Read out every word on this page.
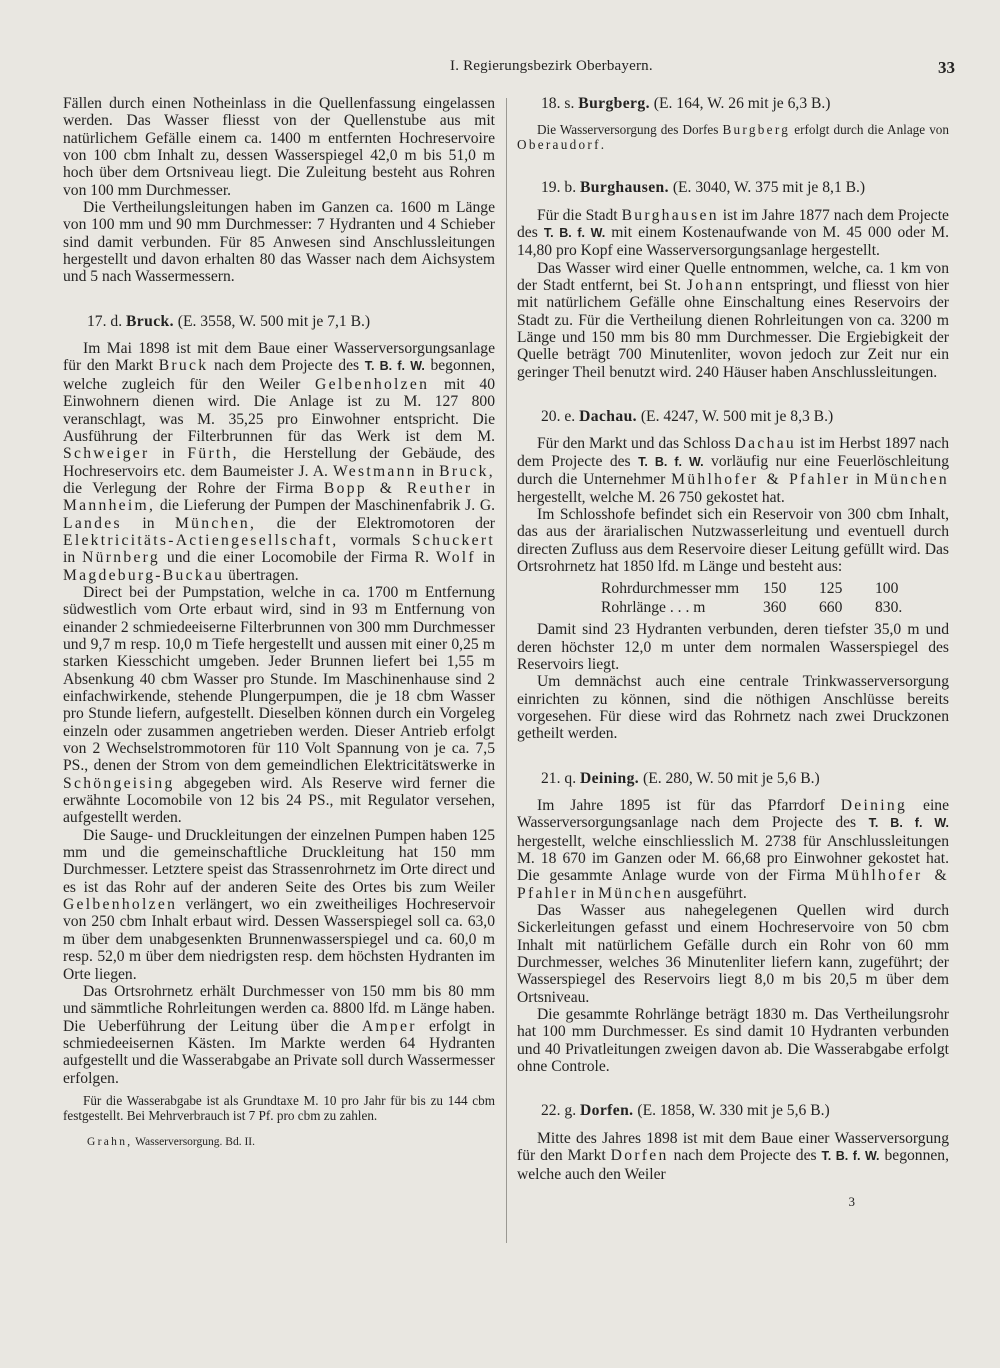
I. Regierungsbezirk Oberbayern.	33

Fällen durch einen Notheinlass in die Quellenfassung eingelassen werden. Das Wasser fliesst von der Quellenstube aus mit natürlichem Gefälle einem ca. 1400 m entfernten Hochreservoire von 100 cbm Inhalt zu, dessen Wasserspiegel 42,0 m bis 51,0 m hoch über dem Ortsniveau liegt. Die Zuleitung besteht aus Rohren von 100 mm Durchmesser.

Die Vertheilungsleitungen haben im Ganzen ca. 1600 m Länge von 100 mm und 90 mm Durchmesser: 7 Hydranten und 4 Schieber sind damit verbunden. Für 85 Anwesen sind Anschlussleitungen hergestellt und davon erhalten 80 das Wasser nach dem Aichsystem und 5 nach Wassermessern.

17. d. Bruck. (E. 3558, W. 500 mit je 7,1 B.)

Im Mai 1898 ist mit dem Baue einer Wasserversorgungsanlage für den Markt Bruck nach dem Projecte des T. B. f. W. begonnen, welche zugleich für den Weiler Gelbenholzen mit 40 Einwohnern dienen wird. Die Anlage ist zu M. 127 800 veranschlagt, was M. 35,25 pro Einwohner entspricht. Die Ausführung der Filterbrunnen für das Werk ist dem M. Schweiger in Fürth, die Herstellung der Gebäude, des Hochreservoirs etc. dem Baumeister J. A. Westmann in Bruck, die Verlegung der Rohre der Firma Bopp & Reuther in Mannheim, die Lieferung der Pumpen der Maschinenfabrik J. G. Landes in München, die der Elektromotoren der Elektricitäts-Actiengesellschaft, vormals Schuckert in Nürnberg und die einer Locomobile der Firma R. Wolf in Magdeburg-Buckau übertragen.

Direct bei der Pumpstation, welche in ca. 1700 m Entfernung südwestlich vom Orte erbaut wird, sind in 93 m Entfernung von einander 2 schmiedeeiserne Filterbrunnen von 300 mm Durchmesser und 9,7 m resp. 10,0 m Tiefe hergestellt und aussen mit einer 0,25 m starken Kiesschicht umgeben. Jeder Brunnen liefert bei 1,55 m Absenkung 40 cbm Wasser pro Stunde. Im Maschinenhause sind 2 einfachwirkende, stehende Plungerpumpen, die je 18 cbm Wasser pro Stunde liefern, aufgestellt. Dieselben können durch ein Vorgeleg einzeln oder zusammen angetrieben werden. Dieser Antrieb erfolgt von 2 Wechselstrommotoren für 110 Volt Spannung von je ca. 7,5 PS., denen der Strom von dem gemeindlichen Elektricitätswerke in Schöngeising abgegeben wird. Als Reserve wird ferner die erwähnte Locomobile von 12 bis 24 PS., mit Regulator versehen, aufgestellt werden.

Die Sauge- und Druckleitungen der einzelnen Pumpen haben 125 mm und die gemeinschaftliche Druckleitung hat 150 mm Durchmesser. Letztere speist das Strassenrohrnetz im Orte direct und es ist das Rohr auf der anderen Seite des Ortes bis zum Weiler Gelbenholzen verlängert, wo ein zweitheiliges Hochreservoir von 250 cbm Inhalt erbaut wird. Dessen Wasserspiegel soll ca. 63,0 m über dem unabgesenkten Brunnenwasserspiegel und ca. 60,0 m resp. 52,0 m über dem niedrigsten resp. dem höchsten Hydranten im Orte liegen.

Das Ortsrohrnetz erhält Durchmesser von 150 mm bis 80 mm und sämmtliche Rohrleitungen werden ca. 8800 lfd. m Länge haben. Die Ueberführung der Leitung über die Amper erfolgt in schmiedeeisernen Kästen. Im Markte werden 64 Hydranten aufgestellt und die Wasserabgabe an Private soll durch Wassermesser erfolgen.

Für die Wasserabgabe ist als Grundtaxe M. 10 pro Jahr für bis zu 144 cbm festgestellt. Bei Mehrverbrauch ist 7 Pf. pro cbm zu zahlen.

Grahn, Wasserversorgung. Bd. II.

18. s. Burgberg. (E. 164, W. 26 mit je 6,3 B.)

Die Wasserversorgung des Dorfes Burgberg erfolgt durch die Anlage von Oberaudorf.

19. b. Burghausen. (E. 3040, W. 375 mit je 8,1 B.)

Für die Stadt Burghausen ist im Jahre 1877 nach dem Projecte des T. B. f. W. mit einem Kostenaufwande von M. 45 000 oder M. 14,80 pro Kopf eine Wasserversorgungsanlage hergestellt.

Das Wasser wird einer Quelle entnommen, welche, ca. 1 km von der Stadt entfernt, bei St. Johann entspringt, und fliesst von hier mit natürlichem Gefälle ohne Einschaltung eines Reservoirs der Stadt zu. Für die Vertheilung dienen Rohrleitungen von ca. 3200 m Länge und 150 mm bis 80 mm Durchmesser. Die Ergiebigkeit der Quelle beträgt 700 Minutenliter, wovon jedoch zur Zeit nur ein geringer Theil benutzt wird. 240 Häuser haben Anschlussleitungen.

20. e. Dachau. (E. 4247, W. 500 mit je 8,3 B.)

Für den Markt und das Schloss Dachau ist im Herbst 1897 nach dem Projecte des T. B. f. W. vorläufig nur eine Feuerlöschleitung durch die Unternehmer Mühlhofer & Pfahler in München hergestellt, welche M. 26 750 gekostet hat.

Im Schlosshofe befindet sich ein Reservoir von 300 cbm Inhalt, das aus der ärarialischen Nutzwasserleitung und eventuell durch directen Zufluss aus dem Reservoire dieser Leitung gefüllt wird. Das Ortsrohrnetz hat 1850 lfd. m Länge und besteht aus:

Rohrdurchmesser mm	150	125	100
Rohrlänge . . . m	360	660	830.

Damit sind 23 Hydranten verbunden, deren tiefster 35,0 m und deren höchster 12,0 m unter dem normalen Wasserspiegel des Reservoirs liegt.

Um demnächst auch eine centrale Trinkwasserversorgung einrichten zu können, sind die nöthigen Anschlüsse bereits vorgesehen. Für diese wird das Rohrnetz nach zwei Druckzonen getheilt werden.

21. q. Deining. (E. 280, W. 50 mit je 5,6 B.)

Im Jahre 1895 ist für das Pfarrdorf Deining eine Wasserversorgungsanlage nach dem Projecte des T. B. f. W. hergestellt, welche einschliesslich M. 2738 für Anschlussleitungen M. 18 670 im Ganzen oder M. 66,68 pro Einwohner gekostet hat. Die gesammte Anlage wurde von der Firma Mühlhofer & Pfahler in München ausgeführt.

Das Wasser aus nahegelegenen Quellen wird durch Sickerleitungen gefasst und einem Hochreservoire von 50 cbm Inhalt mit natürlichem Gefälle durch ein Rohr von 60 mm Durchmesser, welches 36 Minutenliter liefern kann, zugeführt; der Wasserspiegel des Reservoirs liegt 8,0 m bis 20,5 m über dem Ortsniveau.

Die gesammte Rohrlänge beträgt 1830 m. Das Vertheilungsrohr hat 100 mm Durchmesser. Es sind damit 10 Hydranten verbunden und 40 Privatleitungen zweigen davon ab. Die Wasserabgabe erfolgt ohne Controle.

22. g. Dorfen. (E. 1858, W. 330 mit je 5,6 B.)

Mitte des Jahres 1898 ist mit dem Baue einer Wasserversorgung für den Markt Dorfen nach dem Projecte des T. B. f. W. begonnen, welche auch den Weiler

3
